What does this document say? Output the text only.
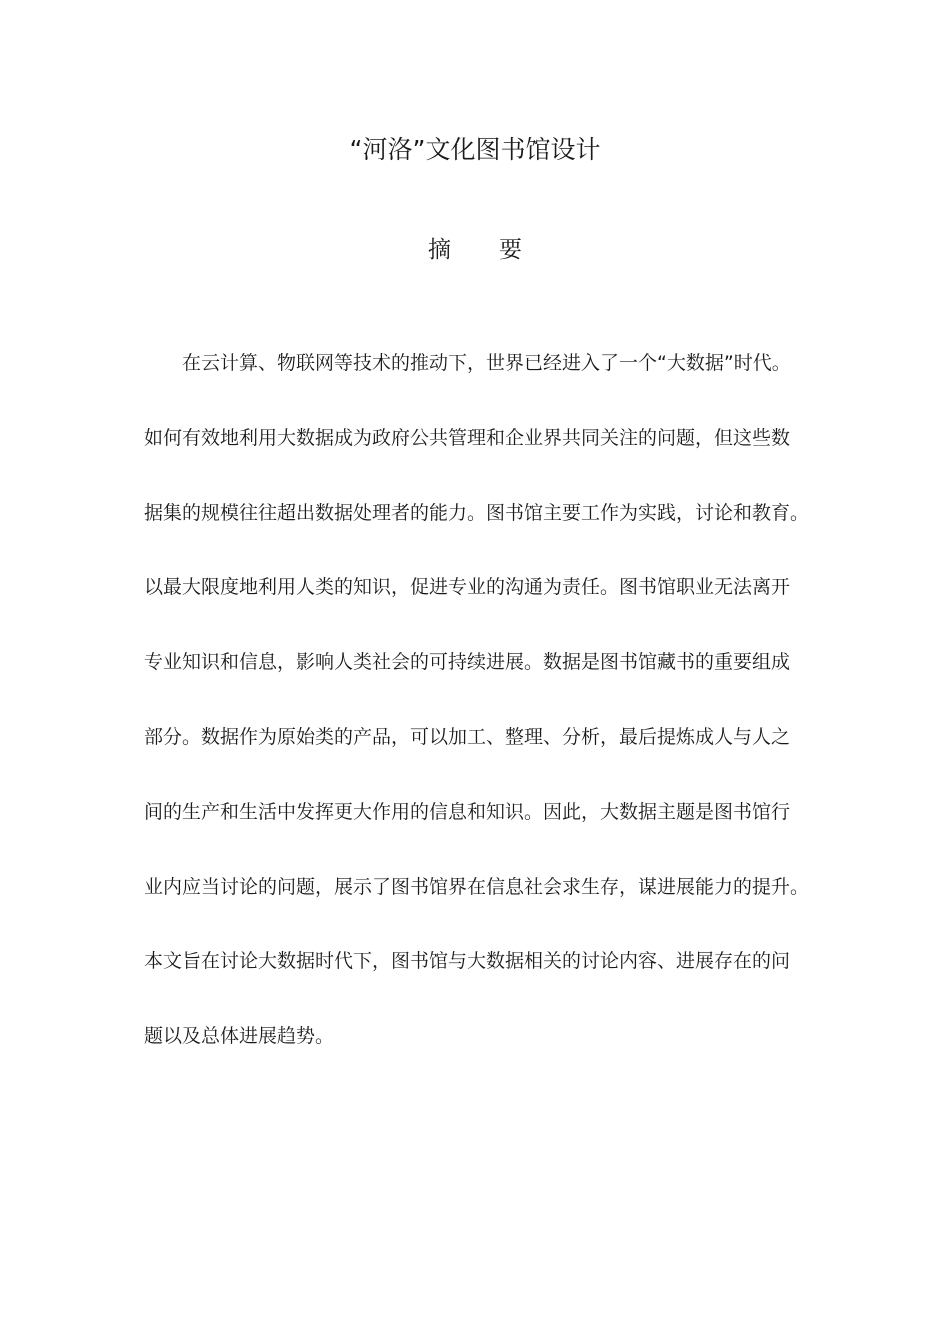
“河洛”文化图书馆设计
摘 要
在云计算、物联网等技术的推动下，世界已经进入了一个“大数据”时代。
如何有效地利用大数据成为政府公共管理和企业界共同关注的问题，但这些数
据集的规模往往超出数据处理者的能力。图书馆主要工作为实践，讨论和教育。
以最大限度地利用人类的知识，促进专业的沟通为责任。图书馆职业无法离开
专业知识和信息，影响人类社会的可持续进展。数据是图书馆藏书的重要组成
部分。数据作为原始类的产品，可以加工、整理、分析，最后提炼成人与人之
间的生产和生活中发挥更大作用的信息和知识。因此，大数据主题是图书馆行
业内应当讨论的问题，展示了图书馆界在信息社会求生存，谋进展能力的提升。
本文旨在讨论大数据时代下，图书馆与大数据相关的讨论内容、进展存在的问
题以及总体进展趋势。
